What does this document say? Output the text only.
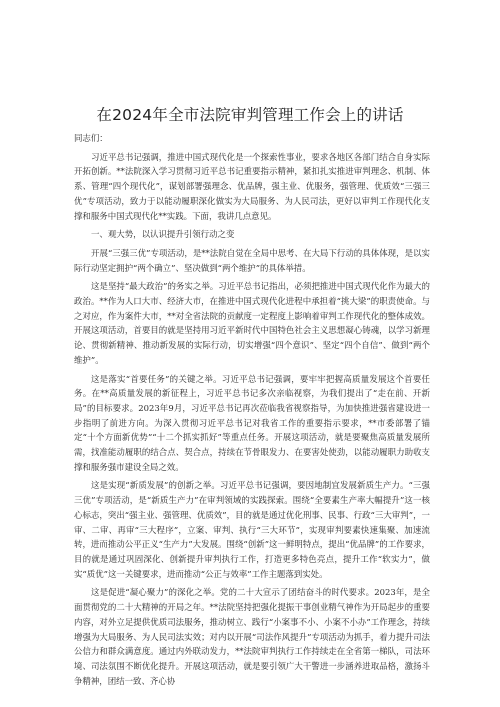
在2024年全市法院审判管理工作会上的讲话

同志们：

习近平总书记强调，推进中国式现代化是一个探索性事业，要求各地区各部门结合自身实际开拓创新。**法院深入学习贯彻习近平总书记重要指示精神，紧扣扎实推进审判理念、机制、体系、管理“四个现代化”，谋划部署强理念、优品牌，强主业、优服务，强管理、优质效“三强三优”专项活动，致力于以能动履职深化做实为大局服务、为人民司法，更好以审判工作现代化支撑和服务中国式现代化**实践。下面，我讲几点意见。

一、观大势，以认识提升引领行动之变

开展“三强三优”专项活动，是**法院自觉在全局中思考、在大局下行动的具体体现，是以实际行动坚定拥护“两个确立”、坚决做到“两个维护”的具体举措。

这是坚持“最大政治”的务实之举。习近平总书记指出，必须把推进中国式现代化作为最大的政治。**作为人口大市、经济大市，在推进中国式现代化进程中承担着“挑大梁”的职责使命。与之对应，作为案件大市，**对全省法院的贡献度一定程度上影响着审判工作现代化的整体成效。开展这项活动，首要目的就是坚持用习近平新时代中国特色社会主义思想凝心铸魂，以学习新理论、贯彻新精神、推动新发展的实际行动，切实增强“四个意识”、坚定“四个自信”、做到“两个维护”。

这是落实“首要任务”的关键之举。习近平总书记强调，要牢牢把握高质量发展这个首要任务。在**高质量发展的新征程上，习近平总书记多次亲临视察，为我们提出了“走在前、开新局”的目标要求。2023年9月，习近平总书记再次莅临我省视察指导，为加快推进强省建设进一步指明了前进方向。为深入贯彻习近平总书记对我省工作的重要指示要求，**市委部署了锚定“十个方面新优势”“十二个抓实抓好”等重点任务。开展这项活动，就是要聚焦高质量发展所需，找准能动履职的结合点、契合点，持续在节骨眼发力、在要害处使劲，以能动履职力助收支撑和服务强市建设全局之效。

这是实现“新质发展”的创新之举。习近平总书记强调，要因地制宜发展新质生产力。“三强三优”专项活动，是“新质生产力”在审判领域的实践探索。围绕“全要素生产率大幅提升”这一核心标志，突出“强主业、强管理、优质效”，目的就是通过优化刑事、民事、行政“三大审判”，一审、二审、再审“三大程序”，立案、审判、执行“三大环节”，实现审判要素快速集聚、加速流转，进而推动公平正义“生产力”大发展。围绕“创新”这一鲜明特点，提出“优品牌”的工作要求，目的就是通过巩固深化、创新提升审判执行工作，打造更多特色亮点，提升工作“软实力”，做实“质优”这一关键要求，进而推动“公正与效率”工作主题落到实处。

这是促进“凝心聚力”的深化之举。党的二十大宣示了团结奋斗的时代要求。2023年，是全面贯彻党的二十大精神的开局之年。**法院坚持把强化提振干事创业精气神作为开局起步的重要内容，对外立足提供优质司法服务，推动树立、践行“小案事不小、小案不小办”工作理念，持续增强为大局服务、为人民司法实效；对内以开展“司法作风提升”专项活动为抓手，着力提升司法公信力和群众满意度。通过内外联动发力，**法院审判执行工作持续走在全省第一梯队，司法环境、司法氛围不断优化提升。开展这项活动，就是要引领广大干警进一步涵养进取品格，激扬斗争精神，团结一致、齐心协
